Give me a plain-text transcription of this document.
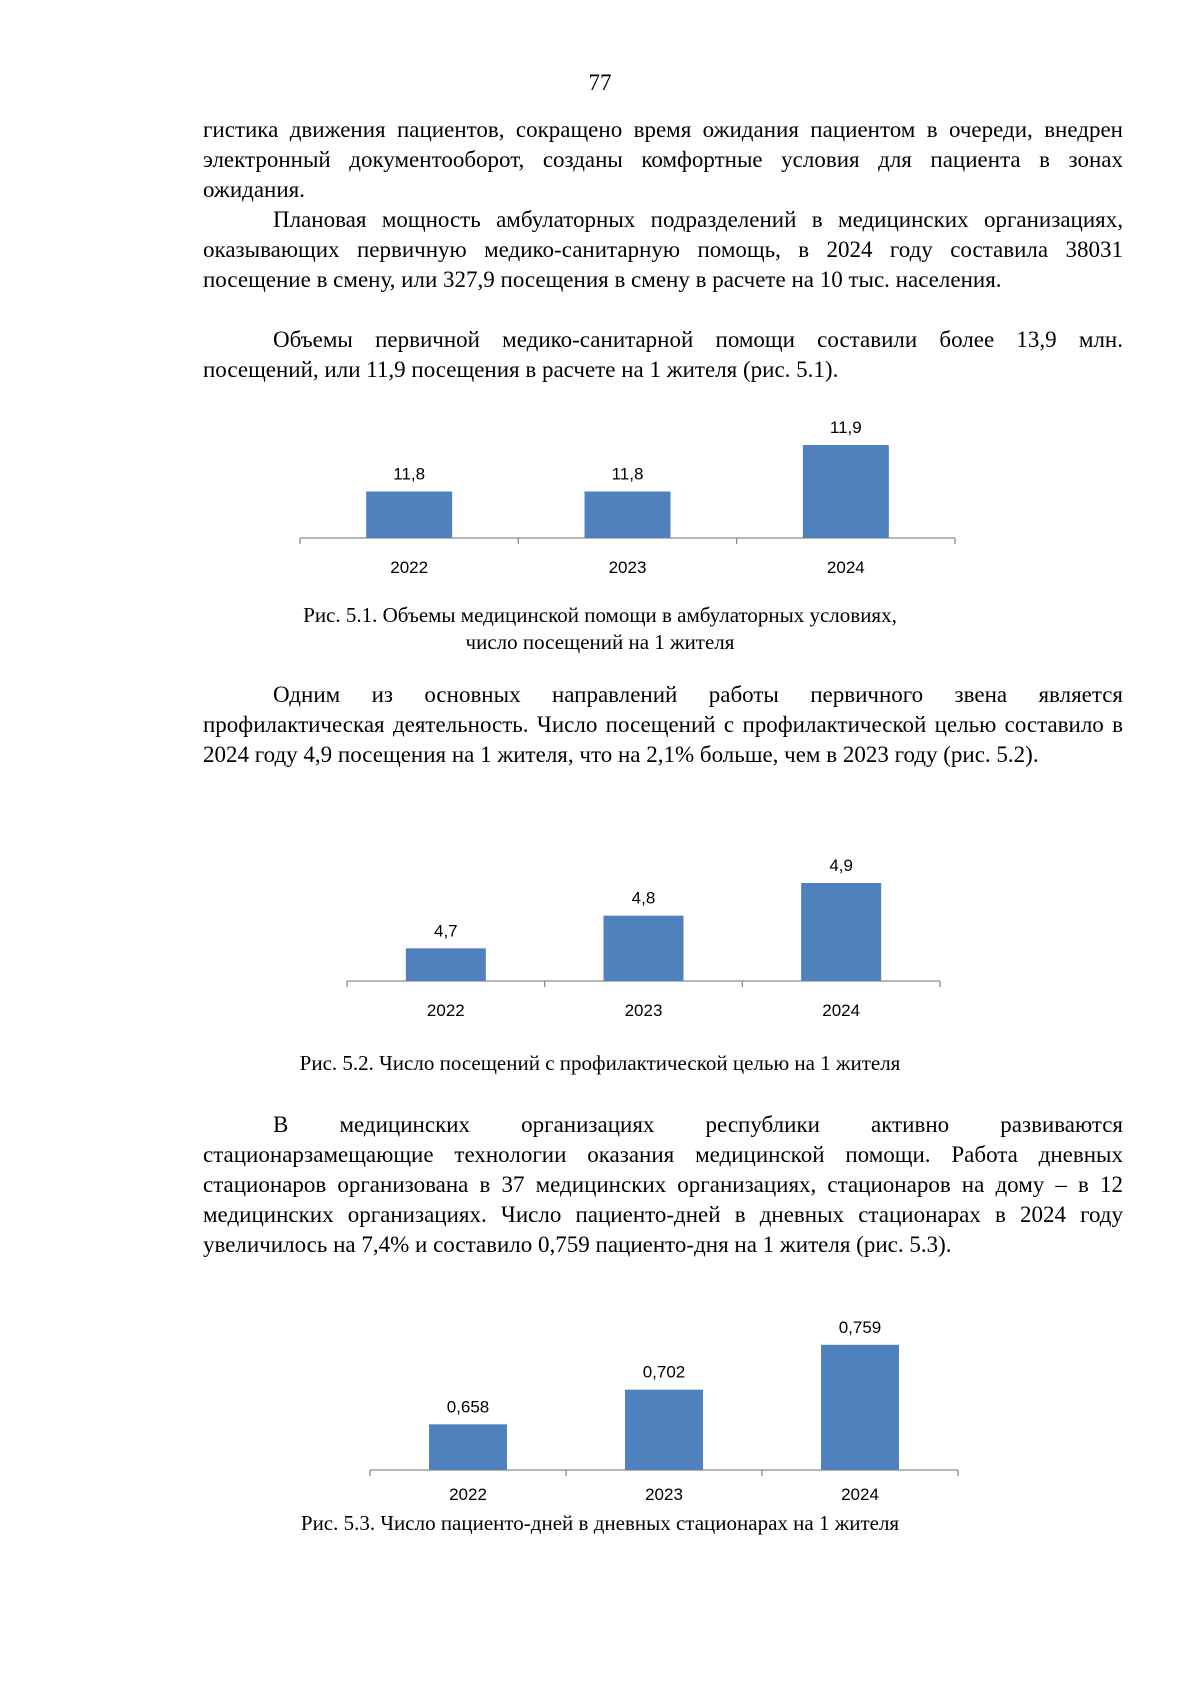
77

гистика движения пациентов, сокращено время ожидания пациентом в очереди, внедрен электронный документооборот, созданы комфортные условия для пациента в зонах ожидания.

Плановая мощность амбулаторных подразделений в медицинских организациях, оказывающих первичную медико-санитарную помощь, в 2024 году составила 38031 посещение в смену, или 327,9 посещения в смену в расчете на 10 тыс. населения.

Объемы первичной медико-санитарной помощи составили более 13,9 млн. посещений, или 11,9 посещения в расчете на 1 жителя (рис. 5.1).

11,8
2022
11,8
2023
11,9
2024

Рис. 5.1. Объемы медицинской помощи в амбулаторных условиях,
число посещений на 1 жителя

Одним из основных направлений работы первичного звена является профилактическая деятельность. Число посещений с профилактической целью составило в 2024 году 4,9 посещения на 1 жителя, что на 2,1% больше, чем в 2023 году (рис. 5.2).

4,7
2022
4,8
2023
4,9
2024

Рис. 5.2. Число посещений с профилактической целью на 1 жителя

В медицинских организациях республики активно развиваются стационарзамещающие технологии оказания медицинской помощи. Работа дневных стационаров организована в 37 медицинских организациях, стационаров на дому – в 12 медицинских организациях. Число пациенто-дней в дневных стационарах в 2024 году увеличилось на 7,4% и составило 0,759 пациенто-дня на 1 жителя (рис. 5.3).

0,658
2022
0,702
2023
0,759
2024

Рис. 5.3. Число пациенто-дней в дневных стационарах на 1 жителя
